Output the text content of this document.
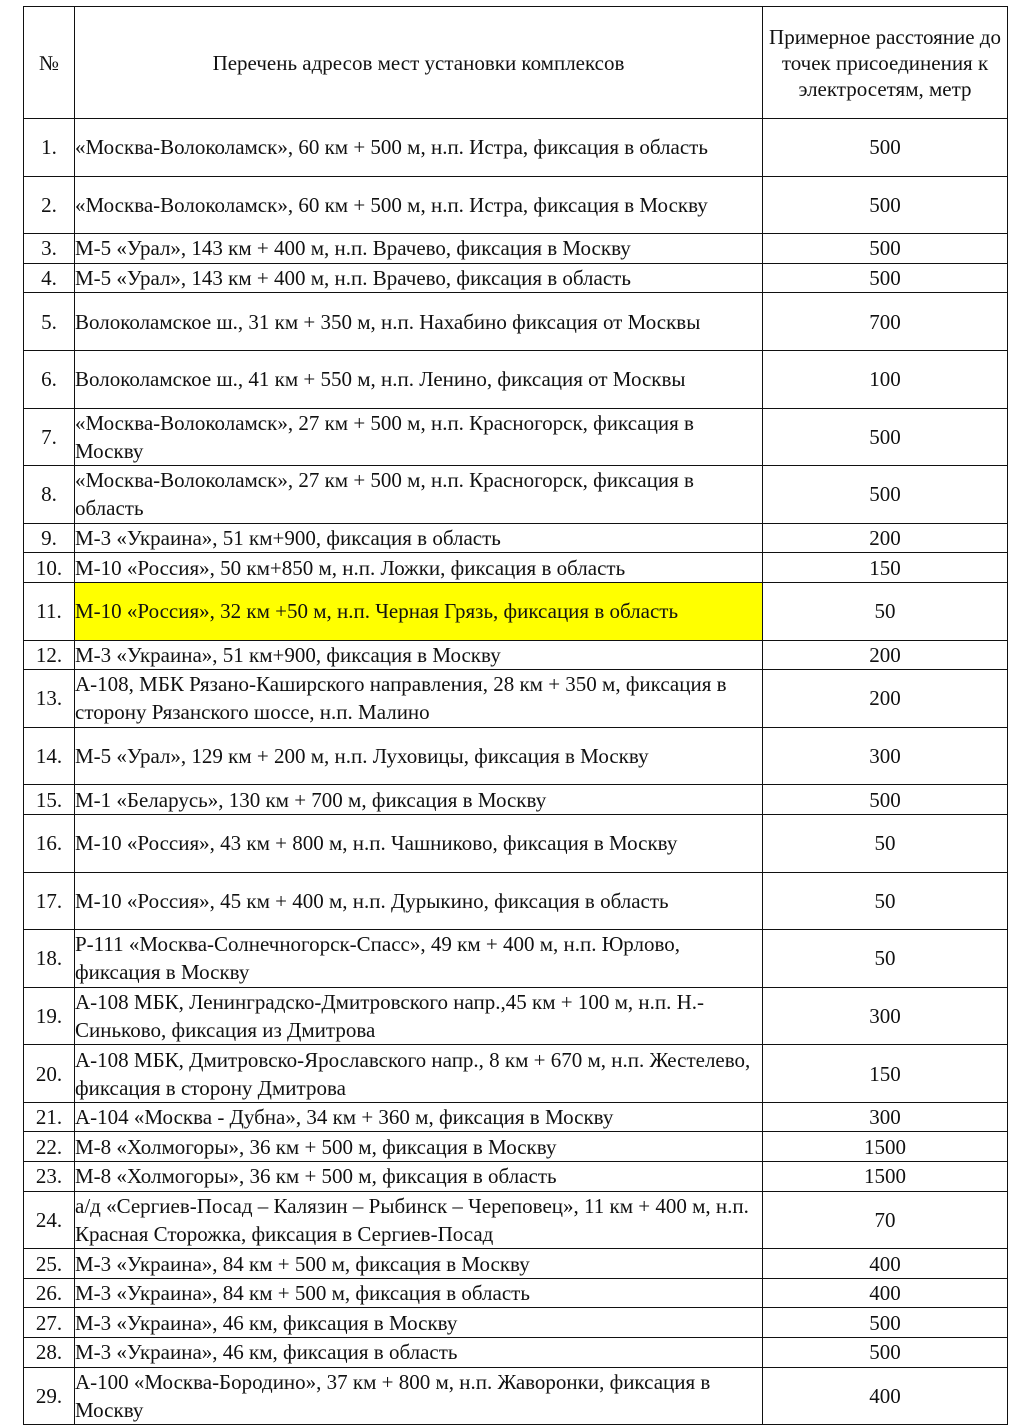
№	Перечень адресов мест установки комплексов	Примерное расстояние до точек присоединения к электросетям, метр
1.	«Москва-Волоколамск», 60 км + 500 м, н.п. Истра, фиксация в область	500
2.	«Москва-Волоколамск», 60 км + 500 м, н.п. Истра, фиксация в Москву	500
3.	М-5 «Урал», 143 км + 400 м, н.п. Врачево, фиксация в Москву	500
4.	М-5 «Урал», 143 км + 400 м, н.п. Врачево, фиксация в область	500
5.	Волоколамское ш., 31 км + 350 м, н.п. Нахабино фиксация от Москвы	700
6.	Волоколамское ш., 41 км + 550 м, н.п. Ленино, фиксация от Москвы	100
7.	«Москва-Волоколамск», 27 км + 500 м, н.п. Красногорск, фиксация в Москву	500
8.	«Москва-Волоколамск», 27 км + 500 м, н.п. Красногорск, фиксация в область	500
9.	М-3 «Украина», 51 км+900, фиксация в область	200
10.	М-10 «Россия», 50 км+850 м, н.п. Ложки, фиксация в область	150
11.	М-10 «Россия», 32 км +50 м, н.п. Черная Грязь, фиксация в область	50
12.	М-3 «Украина», 51 км+900, фиксация в Москву	200
13.	А-108, МБК Рязано-Каширского направления, 28 км + 350 м, фиксация в сторону Рязанского шоссе, н.п. Малино	200
14.	М-5 «Урал», 129 км + 200 м, н.п. Луховицы, фиксация в Москву	300
15.	М-1 «Беларусь», 130 км + 700 м, фиксация в Москву	500
16.	М-10 «Россия», 43 км + 800 м, н.п. Чашниково, фиксация в Москву	50
17.	М-10 «Россия», 45 км + 400 м, н.п. Дурыкино, фиксация в область	50
18.	Р-111 «Москва-Солнечногорск-Спасс», 49 км + 400 м, н.п. Юрлово, фиксация в Москву	50
19.	А-108 МБК, Ленинградско-Дмитровского напр.,45 км + 100 м, н.п. Н.- Синьково, фиксация из Дмитрова	300
20.	А-108 МБК, Дмитровско-Ярославского напр., 8 км + 670 м, н.п. Жестелево, фиксация в сторону Дмитрова	150
21.	А-104 «Москва - Дубна», 34 км + 360 м, фиксация в Москву	300
22.	М-8 «Холмогоры», 36 км + 500 м, фиксация в Москву	1500
23.	М-8 «Холмогоры», 36 км + 500 м, фиксация в область	1500
24.	а/д «Сергиев-Посад – Калязин – Рыбинск – Череповец», 11 км + 400 м, н.п. Красная Сторожка, фиксация в Сергиев-Посад	70
25.	М-3 «Украина», 84 км + 500 м, фиксация в Москву	400
26.	М-3 «Украина», 84 км + 500 м, фиксация в область	400
27.	М-3 «Украина», 46 км, фиксация в Москву	500
28.	М-3 «Украина», 46 км, фиксация в область	500
29.	А-100 «Москва-Бородино», 37 км + 800 м, н.п. Жаворонки, фиксация в Москву	400
